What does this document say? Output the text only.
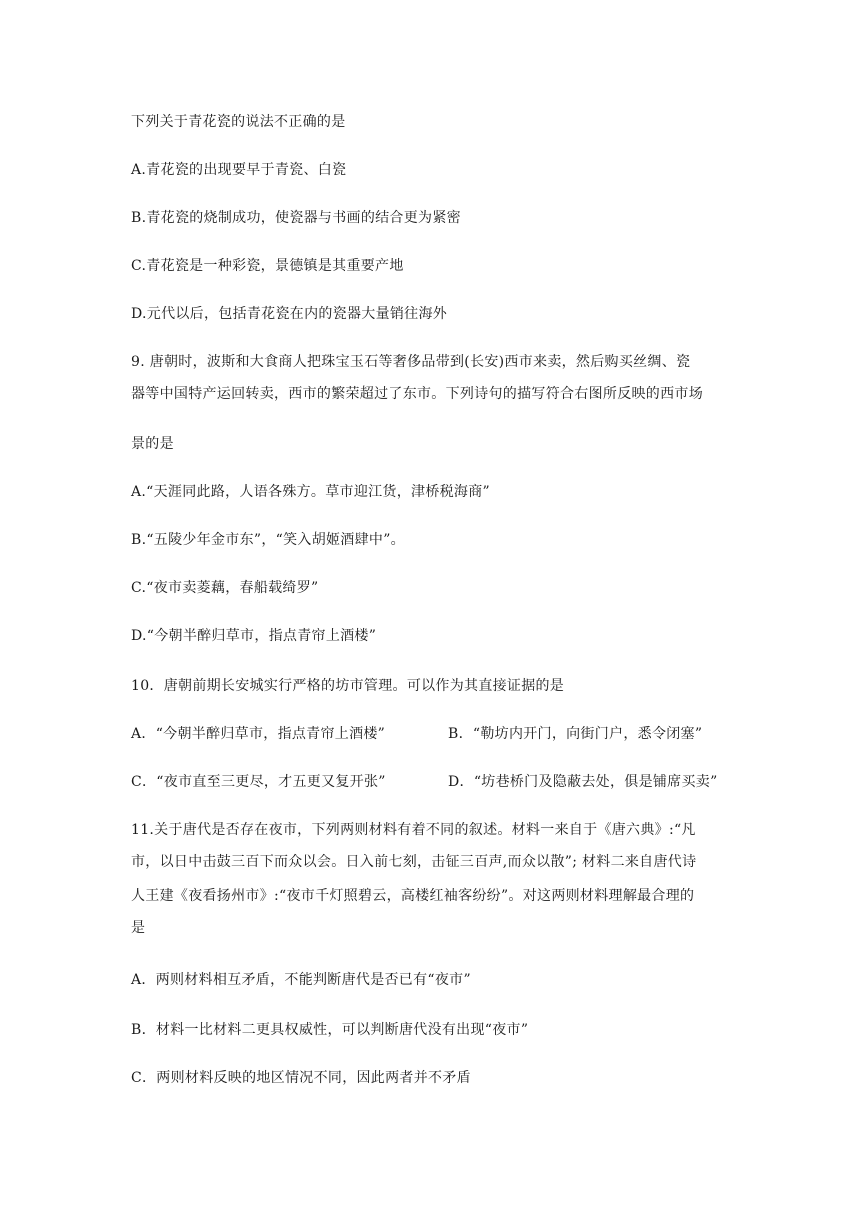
下列关于青花瓷的说法不正确的是
A.青花瓷的出现要早于青瓷、白瓷
B.青花瓷的烧制成功，使瓷器与书画的结合更为紧密
C.青花瓷是一种彩瓷，景德镇是其重要产地
D.元代以后，包括青花瓷在内的瓷器大量销往海外
9. 唐朝时，波斯和大食商人把珠宝玉石等奢侈品带到(长安)西市来卖，然后购买丝绸、瓷
器等中国特产运回转卖，西市的繁荣超过了东市。下列诗句的描写符合右图所反映的西市场
景的是
A.“天涯同此路，人语各殊方。草市迎江货，津桥税海商”
B.“五陵少年金市东”，“笑入胡姬酒肆中”。
C.“夜市卖菱藕，春船载绮罗”
D.“今朝半醉归草市，指点青帘上酒楼”
10．唐朝前期长安城实行严格的坊市管理。可以作为其直接证据的是
A．“今朝半醉归草市，指点青帘上酒楼”	B．“勒坊内开门，向街门户，悉令闭塞”
C．“夜市直至三更尽，才五更又复开张”	D．“坊巷桥门及隐蔽去处，俱是铺席买卖”
11.关于唐代是否存在夜市，下列两则材料有着不同的叙述。材料一来自于《唐六典》:“凡
市，以日中击鼓三百下而众以会。日入前七刻，击钲三百声,而众以散”; 材料二来自唐代诗
人王建《夜看扬州市》:“夜市千灯照碧云，高楼红袖客纷纷”。对这两则材料理解最合理的
是
A．两则材料相互矛盾，不能判断唐代是否已有“夜市”
B．材料一比材料二更具权威性，可以判断唐代没有出现“夜市”
C．两则材料反映的地区情况不同，因此两者并不矛盾
